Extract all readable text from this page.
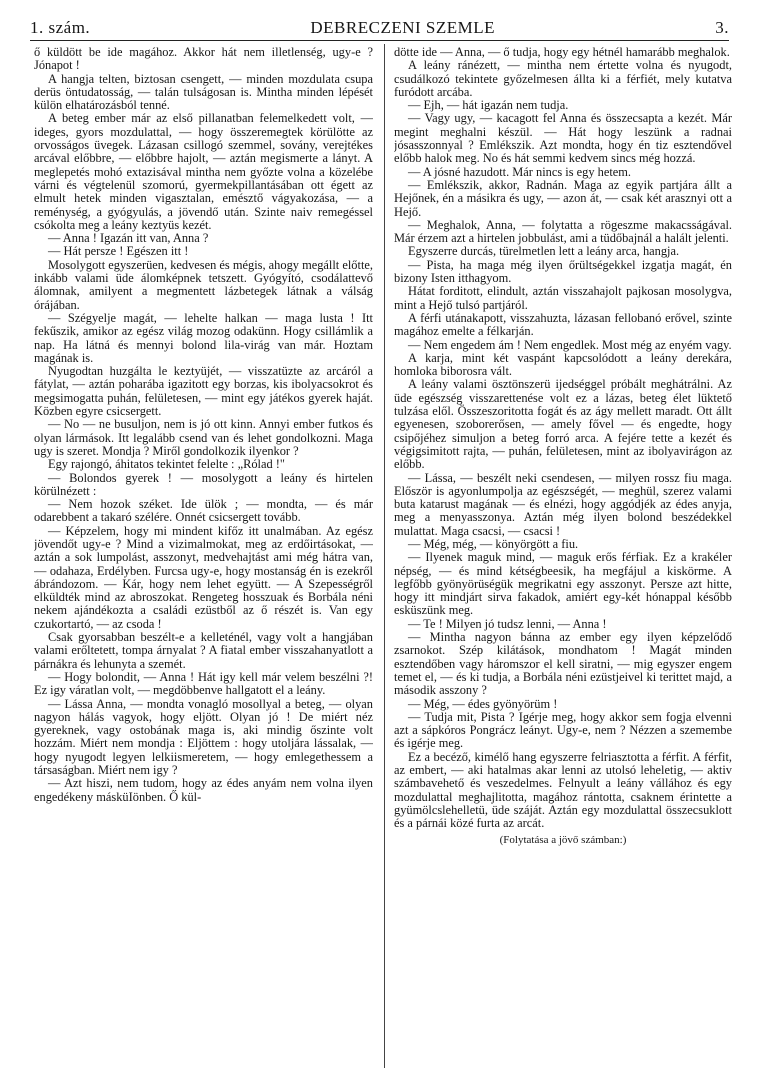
1. szám.	DEBRECZENI SZEMLE	3.

ő küldött be ide magához. Akkor hát nem illetlenség, ugy-e ? Jónapot !

A hangja telten, biztosan csengett, — minden mozdulata csupa derüs öntudatosság, — talán tulságosan is. Mintha minden lépését külön elhatározásból tenné.

A beteg ember már az első pillanatban felemelkedett volt, — ideges, gyors mozdulattal, — hogy összeremegtek körülötte az orvosságos üvegek. Lázasan csillogó szemmel, sovány, verejtékes arcával előbbre, — előbbre hajolt, — aztán megismerte a lányt. A meglepetés mohó extazisával mintha nem győzte volna a közelébe várni és végtelenül szomorú, gyermekpillantásában ott égett az elmult hetek minden vigasztalan, emésztő vágyakozása, — a reménység, a gyógyulás, a jövendő után. Szinte naiv remegéssel csókolta meg a leány keztyüs kezét.

— Anna ! Igazán itt van, Anna ?

— Hát persze ! Egészen itt !

Mosolygott egyszerüen, kedvesen és mégis, ahogy megállt előtte, inkább valami üde álomképnek tetszett. Gyógyító, csodálattevő álomnak, amilyent a megmentett lázbetegek látnak a válság órájában.

— Szégyelje magát, — lehelte halkan — maga lusta ! Itt fekűszik, amikor az egész világ mozog odakünn. Hogy csillámlik a nap. Ha látná és mennyi bolond lila-virág van már. Hoztam magának is.

Nyugodtan huzgálta le keztyüjét, — visszatüzte az arcáról a fátylat, — aztán poharába igazitott egy borzas, kis ibolyacsokrot és megsimogatta puhán, felületesen, — mint egy játékos gyerek haját. Közben egyre csicsergett.

— No — ne busuljon, nem is jó ott kinn. Annyi ember futkos és olyan lármások. Itt legalább csend van és lehet gondolkozni. Maga ugy is szeret. Mondja ? Miről gondolkozik ilyenkor ?

Egy rajongó, áhitatos tekintet felelte : „Rólad !"

— Bolondos gyerek ! — mosolygott a leány és hirtelen körülnézett :

— Nem hozok széket. Ide ülök ; — mondta, — és már odarebbent a takaró szélére. Onnét csicsergett tovább.

— Képzelem, hogy mi mindent kifőz itt unalmában. Az egész jövendőt ugy-e ? Mind a vizimalmokat, meg az erdőirtásokat, — aztán a sok lumpolást, asszonyt, medvehajtást ami még hátra van, — odahaza, Erdélyben. Furcsa ugy-e, hogy mostanság én is ezekről ábrándozom. — Kár, hogy nem lehet együtt. — A Szepességről elküldték mind az abroszokat. Rengeteg hosszuak és Borbála néni nekem ajándékozta a családi ezüstből az ő részét is. Van egy czukortartó, — az csoda !

Csak gyorsabban beszélt-e a kelleténél, vagy volt a hangjában valami erőltetett, tompa árnyalat ? A fiatal ember visszahanyatlott a párnákra és lehunyta a szemét.

— Hogy bolondit, — Anna ! Hát igy kell már velem beszélni ?! Ez igy váratlan volt, — megdöbbenve hallgatott el a leány.

— Lássa Anna, — mondta vonagló mosollyal a beteg, — olyan nagyon hálás vagyok, hogy eljött. Olyan jó ! De miért néz gyereknek, vagy ostobának maga is, aki mindig őszinte volt hozzám. Miért nem mondja : Eljöttem : hogy utoljára lássalak, — hogy nyugodt legyen lelkiismeretem, — hogy emlegethessem a társaságban. Miért nem igy ?

— Azt hiszi, nem tudom, hogy az édes anyám nem volna ilyen engedékeny másküIönben. Ő kül-

dötte ide — Anna, — ő tudja, hogy egy hétnél hamarább meghalok.

A leány ránézett, — mintha nem értette volna és nyugodt, csudálkozó tekintete győzelmesen állta ki a férfiét, mely kutatva furódott arcába.

— Ejh, — hát igazán nem tudja.

— Vagy ugy, — kacagott fel Anna és összecsapta a kezét. Már megint meghalni készül. — Hát hogy leszünk a radnai jósasszonnyal ? Emlékszik. Azt mondta, hogy én tiz esztendővel előbb halok meg. No és hát semmi kedvem sincs még hozzá.

— A jósné hazudott. Már nincs is egy hetem.

— Emlékszik, akkor, Radnán. Maga az egyik partjára állt a Hejőnek, én a másikra és ugy, — azon át, — csak két arasznyi ott a Hejő.

— Meghalok, Anna, — folytatta a rögeszme makacsságával. Már érzem azt a hirtelen jobbulást, ami a tüdőbajnál a halált jelenti.

Egyszerre durcás, türelmetlen lett a leány arca, hangja.

— Pista, ha maga még ilyen őrültségekkel izgatja magát, én bizony Isten itthagyom.

Hátat forditott, elindult, aztán visszahajolt pajkosan mosolygva, mint a Hejő tulsó partjáról.

A férfi utánakapott, visszahuzta, lázasan fellobanó erővel, szinte magához emelte a félkarján.

— Nem engedem ám ! Nem engedlek. Most még az enyém vagy.

A karja, mint két vaspánt kapcsolódott a leány derekára, homloka biborosra vált.

A leány valami ösztönszerü ijedséggel próbált meghátrálni. Az üde egészség visszarettenése volt ez a lázas, beteg élet lüktető tulzása elől. Összeszoritotta fogát és az ágy mellett maradt. Ott állt egyenesen, szoborerősen, — amely fővel — és engedte, hogy csipőjéhez simuljon a beteg forró arca. A fejére tette a kezét és végigsimitott rajta, — puhán, felületesen, mint az ibolyavirágon az előbb.

— Lássa, — beszélt neki csendesen, — milyen rossz fiu maga. Először is agyonlumpolja az egészségét, — meghül, szerez valami buta katarust magának — és elnézi, hogy aggódjék az édes anyja, meg a menyasszonya. Aztán még ilyen bolond beszédekkel mulattat. Maga csacsi, — csacsi !

— Még, még, — könyörgött a fiu.

— Ilyenek maguk mind, — maguk erős férfiak. Ez a krakéler népség, — és mind kétségbeesik, ha megfájul a kiskörme. A legfőbb gyönyörüségük megrikatni egy asszonyt. Persze azt hitte, hogy itt mindjárt sirva fakadok, amiért egy-két hónappal később esküszünk meg.

— Te ! Milyen jó tudsz lenni, — Anna !

— Mintha nagyon bánna az ember egy ilyen képzelődő zsarnokot. Szép kilátások, mondhatom ! Magát minden esztendőben vagy háromszor el kell siratni, — mig egyszer engem temet el, — és ki tudja, a Borbála néni ezüstjeivel ki terittet majd, a második asszony ?

— Még, — édes gyönyörüm !

— Tudja mit, Pista ? Igérje meg, hogy akkor sem fogja elvenni azt a sápkóros Pongrácz leányt. Ugy-e, nem ? Nézzen a szemembe és igérje meg.

Ez a becéző, kimélő hang egyszerre felriasztotta a férfit. A férfit, az embert, — aki hatalmas akar lenni az utolsó leheletig, — aktiv számbavehető és veszedelmes. Felnyult a leány vállához és egy mozdulattal meghajlitotta, magához rántotta, csaknem érintette a gyümölcslehelletü, üde száját. Aztán egy mozdulattal összecsuklott és a párnái közé furta az arcát.

(Folytatása a jövő számban:)
